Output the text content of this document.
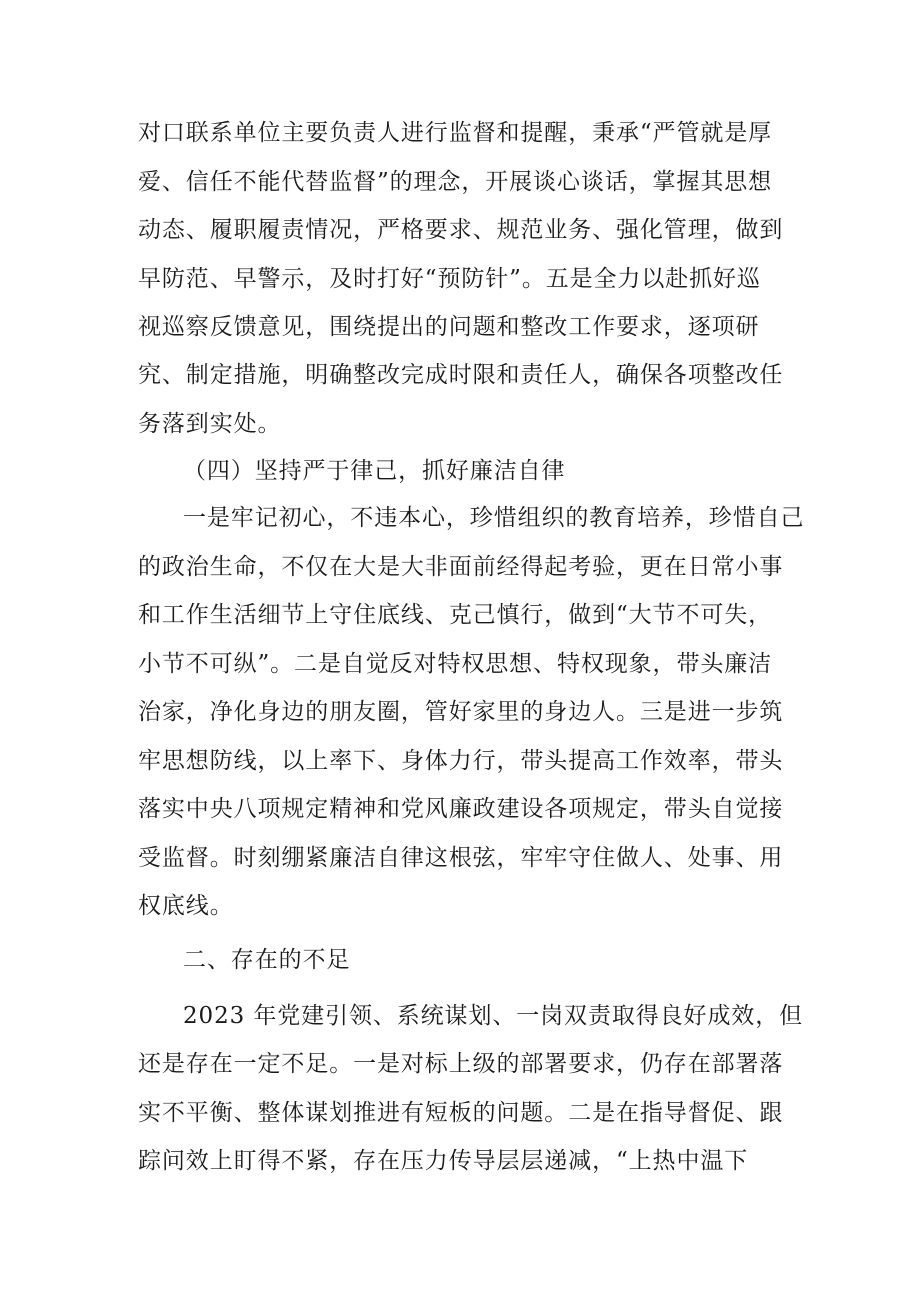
对口联系单位主要负责人进行监督和提醒，秉承“严管就是厚
爱、信任不能代替监督”的理念，开展谈心谈话，掌握其思想
动态、履职履责情况，严格要求、规范业务、强化管理，做到
早防范、早警示，及时打好“预防针”。五是全力以赴抓好巡
视巡察反馈意见，围绕提出的问题和整改工作要求，逐项研
究、制定措施，明确整改完成时限和责任人，确保各项整改任
务落到实处。
（四）坚持严于律己，抓好廉洁自律
一是牢记初心，不违本心，珍惜组织的教育培养，珍惜自己
的政治生命，不仅在大是大非面前经得起考验，更在日常小事
和工作生活细节上守住底线、克己慎行，做到“大节不可失，
小节不可纵”。二是自觉反对特权思想、特权现象，带头廉洁
治家，净化身边的朋友圈，管好家里的身边人。三是进一步筑
牢思想防线，以上率下、身体力行，带头提高工作效率，带头
落实中央八项规定精神和党风廉政建设各项规定，带头自觉接
受监督。时刻绷紧廉洁自律这根弦，牢牢守住做人、处事、用
权底线。
二、存在的不足
2023 年党建引领、系统谋划、一岗双责取得良好成效，但
还是存在一定不足。一是对标上级的部署要求，仍存在部署落
实不平衡、整体谋划推进有短板的问题。二是在指导督促、跟
踪问效上盯得不紧，存在压力传导层层递减，“上热中温下
